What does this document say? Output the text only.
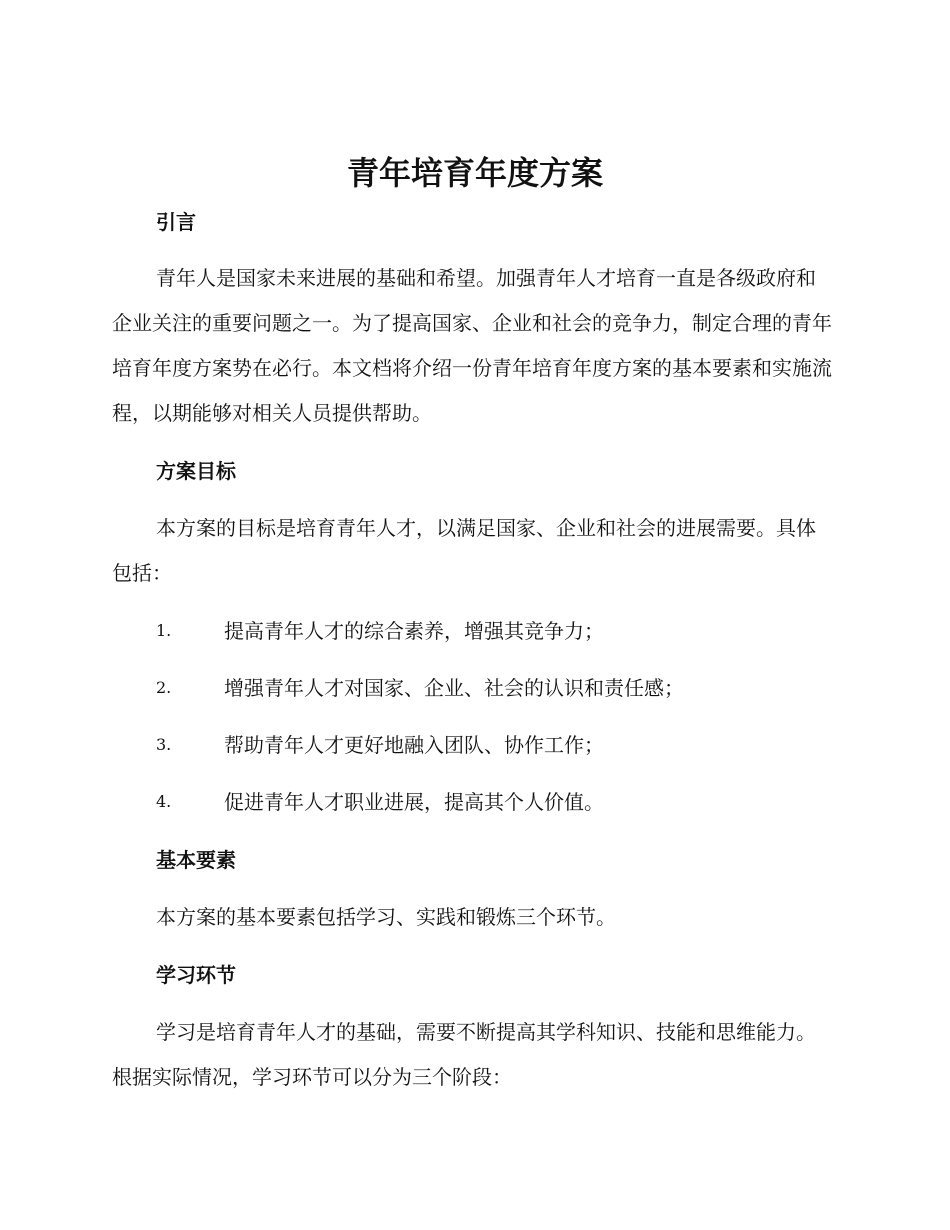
青年培育年度方案
引言

青年人是国家未来进展的基础和希望。加强青年人才培育一直是各级政府和企业关注的重要问题之一。为了提高国家、企业和社会的竞争力，制定合理的青年培育年度方案势在必行。本文档将介绍一份青年培育年度方案的基本要素和实施流程，以期能够对相关人员提供帮助。

方案目标

本方案的目标是培育青年人才，以满足国家、企业和社会的进展需要。具体包括：

1.	提高青年人才的综合素养，增强其竞争力；
2.	增强青年人才对国家、企业、社会的认识和责任感；
3.	帮助青年人才更好地融入团队、协作工作；
4.	促进青年人才职业进展，提高其个人价值。
基本要素

本方案的基本要素包括学习、实践和锻炼三个环节。

学习环节

学习是培育青年人才的基础，需要不断提高其学科知识、技能和思维能力。根据实际情况，学习环节可以分为三个阶段：
